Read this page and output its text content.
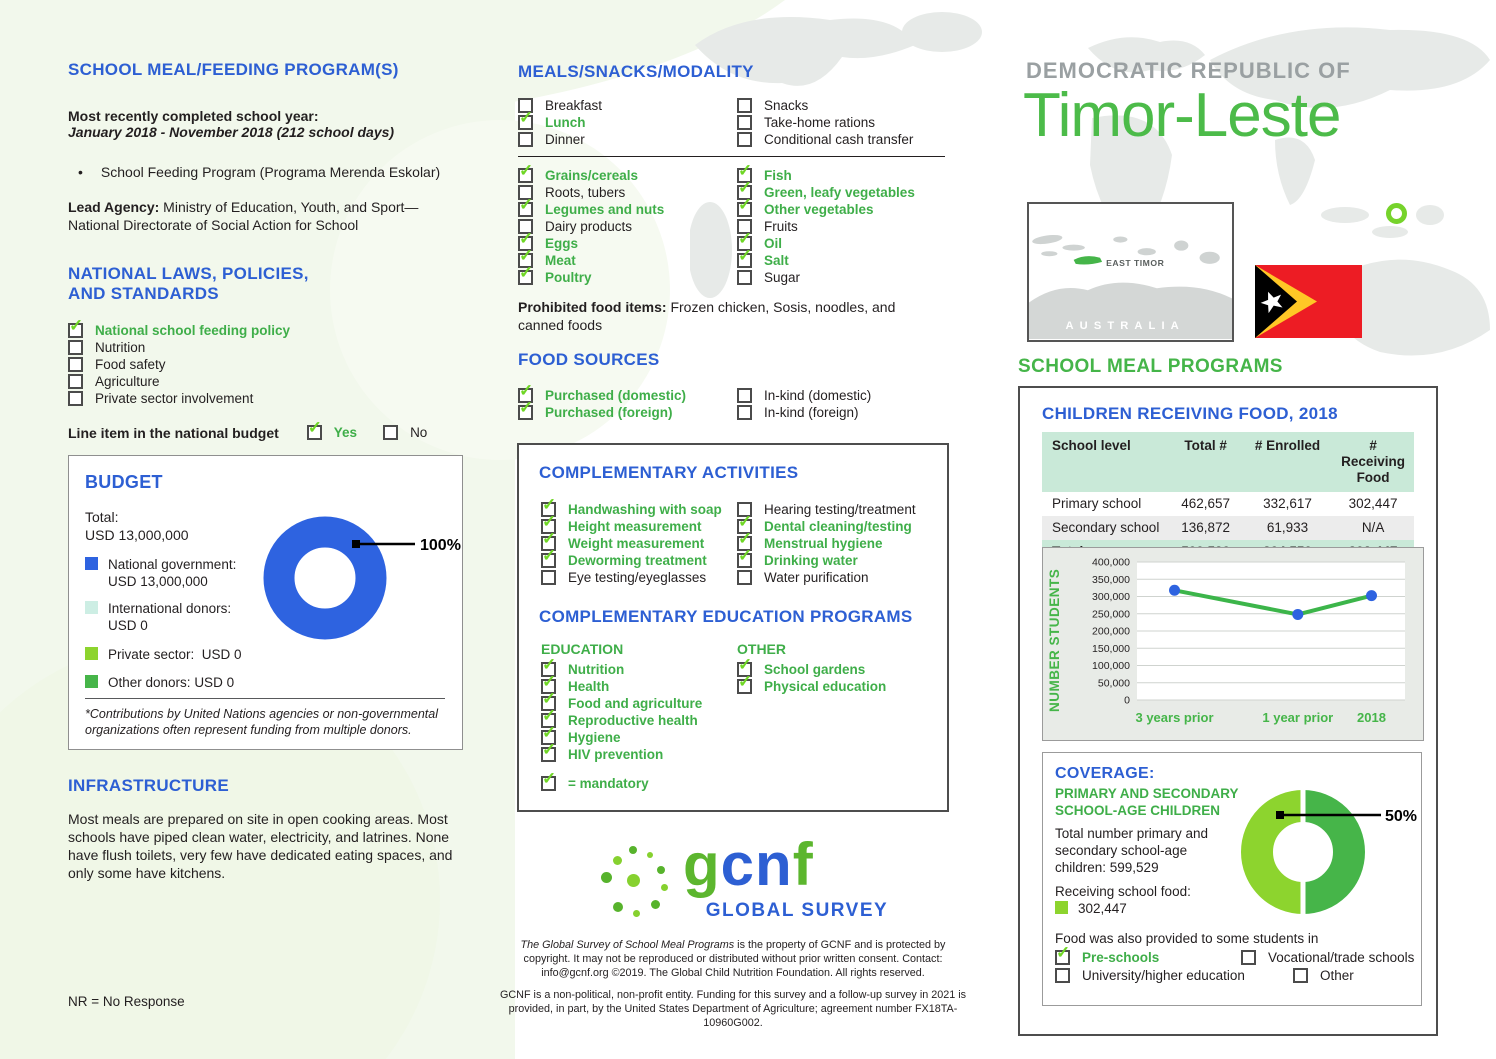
SCHOOL MEAL/FEEDING PROGRAM(S)
Most recently completed school year:
January 2018 - November 2018 (212 school days)
• School Feeding Program (Programa Merenda Eskolar)
Lead Agency: Ministry of Education, Youth, and Sport—National Directorate of Social Action for School
NATIONAL LAWS, POLICIES,
AND STANDARDS
✓
National school feeding policy
Nutrition
Food safety
Agriculture
Private sector involvement
Line item in the national budget ✓	Yes	No
BUDGET
Total:
USD 13,000,000
National government:
USD 13,000,000
International donors:
USD 0
Private sector: USD 0
Other donors: USD 0
*Contributions by United Nations agencies or non-governmental organizations often represent funding from multiple donors.
100%
INFRASTRUCTURE
Most meals are prepared on site in open cooking areas. Most schools have piped clean water, electricity, and latrines. None have flush toilets, very few have dedicated eating spaces, and only some have kitchens.
NR = No Response
MEALS/SNACKS/MODALITY
Breakfast
✓
Lunch
Dinner
Snacks
Take-home rations
Conditional cash transfer
✓
Grains/cereals
Roots, tubers
✓
Legumes and nuts
Dairy products
✓
Eggs
✓
Meat
✓
Poultry
✓
Fish
✓
Green, leafy vegetables
✓
Other vegetables
Fruits
✓
Oil
✓
Salt
Sugar
Prohibited food items: Frozen chicken, Sosis, noodles, and canned foods
FOOD SOURCES
✓
Purchased (domestic)
✓
Purchased (foreign)
In-kind (domestic)
In-kind (foreign)
COMPLEMENTARY ACTIVITIES
✓
Handwashing with soap
✓
Height measurement
✓
Weight measurement
✓
Deworming treatment
Eye testing/eyeglasses
Hearing testing/treatment
✓
Dental cleaning/testing
✓
Menstrual hygiene
✓
Drinking water
Water purification
COMPLEMENTARY EDUCATION PROGRAMS
EDUCATION
✓
Nutrition
✓
Health
✓
Food and agriculture
✓
Reproductive health
✓
Hygiene
✓
HIV prevention
OTHER
✓
School gardens
✓
Physical education
✓
= mandatory
gcnf
GLOBAL SURVEY
The Global Survey of School Meal Programs is the property of GCNF and is protected by copyright. It may not be reproduced or distributed without prior written consent. Contact: info@gcnf.org ©2019. The Global Child Nutrition Foundation. All rights reserved.
GCNF is a non-political, non-profit entity. Funding for this survey and a follow-up survey in 2021 is provided, in part, by the United States Department of Agriculture; agreement number FX18TA-10960G002.
DEMOCRATIC REPUBLIC OF
Timor-Leste
EAST TIMOR
AUSTRALIA
SCHOOL MEAL PROGRAMS
CHILDREN RECEIVING FOOD, 2018
School level	Total #	# Enrolled	# Receiving Food
Primary school	462,657	332,617	302,447
Secondary school	136,872	61,933	N/A

NUMBER STUDENTS
400,000
350,000
300,000
250,000
200,000
150,000
100,000
50,000
0
3 years prior	1 year prior 2018
COVERAGE:
PRIMARY AND SECONDARY
SCHOOL-AGE CHILDREN
Total number primary and
secondary school-age
children: 599,529
Receiving school food:
302,447
50%
Food was also provided to some students in
✓
Pre-schools	Vocational/trade schools
University/higher education	Other
